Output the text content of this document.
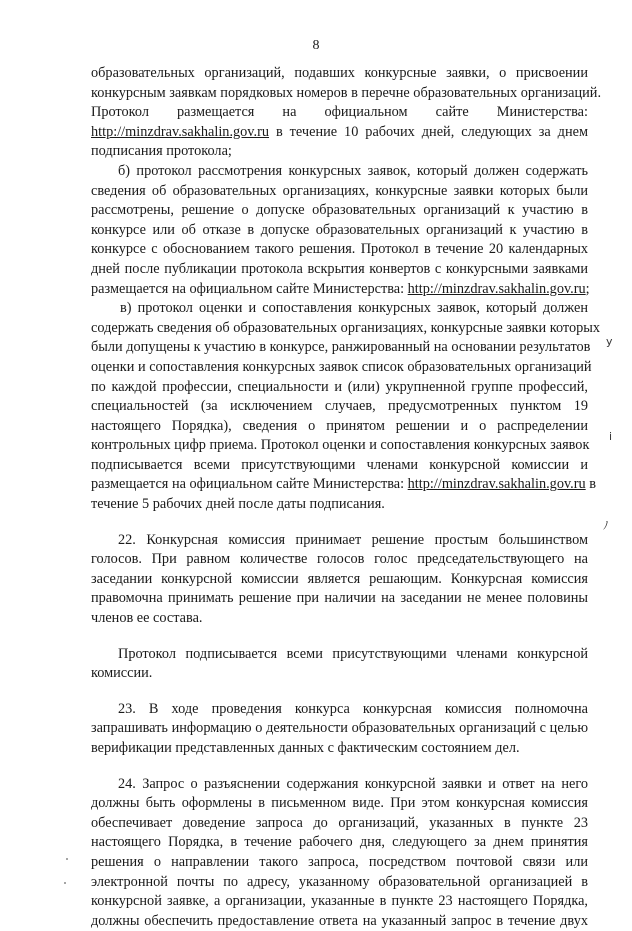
8
образовательных организаций, подавших конкурсные заявки, о присвоении
конкурсным заявкам порядковых номеров в перечне образовательных организаций.
Протокол размещается на официальном сайте Министерства:
http://minzdrav.sakhalin.gov.ru в течение 10 рабочих дней, следующих за днем
подписания протокола;
б) протокол рассмотрения конкурсных заявок, который должен содержать
сведения об образовательных организациях, конкурсные заявки которых были
рассмотрены, решение о допуске образовательных организаций к участию в
конкурсе или об отказе в допуске образовательных организаций к участию в
конкурсе с обоснованием такого решения. Протокол в течение 20 календарных
дней после публикации протокола вскрытия конвертов с конкурсными заявками
размещается на официальном сайте Министерства: http://minzdrav.sakhalin.gov.ru;
в) протокол оценки и сопоставления конкурсных заявок, который должен
содержать сведения об образовательных организациях, конкурсные заявки которых
были допущены к участию в конкурсе, ранжированный на основании результатов
оценки и сопоставления конкурсных заявок список образовательных организаций
по каждой профессии, специальности и (или) укрупненной группе профессий,
специальностей (за исключением случаев, предусмотренных пунктом 19
настоящего Порядка), сведения о принятом решении и о распределении
контрольных цифр приема. Протокол оценки и сопоставления конкурсных заявок
подписывается всеми присутствующими членами конкурсной комиссии и
размещается на официальном сайте Министерства: http://minzdrav.sakhalin.gov.ru в
течение 5 рабочих дней после даты подписания.
22. Конкурсная комиссия принимает решение простым большинством
голосов. При равном количестве голосов голос председательствующего на
заседании конкурсной комиссии является решающим. Конкурсная комиссия
правомочна принимать решение при наличии на заседании не менее половины
членов ее состава.
Протокол подписывается всеми присутствующими членами конкурсной
комиссии.
23. В ходе проведения конкурса конкурсная комиссия полномочна
запрашивать информацию о деятельности образовательных организаций с целью
верификации представленных данных с фактическим состоянием дел.
24. Запрос о разъяснении содержания конкурсной заявки и ответ на него
должны быть оформлены в письменном виде. При этом конкурсная комиссия
обеспечивает доведение запроса до организаций, указанных в пункте 23
настоящего Порядка, в течение рабочего дня, следующего за днем принятия
решения о направлении такого запроса, посредством почтовой связи или
электронной почты по адресу, указанному образовательной организацией в
конкурсной заявке, а организации, указанные в пункте 23 настоящего Порядка,
должны обеспечить предоставление ответа на указанный запрос в течение двух
у
i
ﾉ
